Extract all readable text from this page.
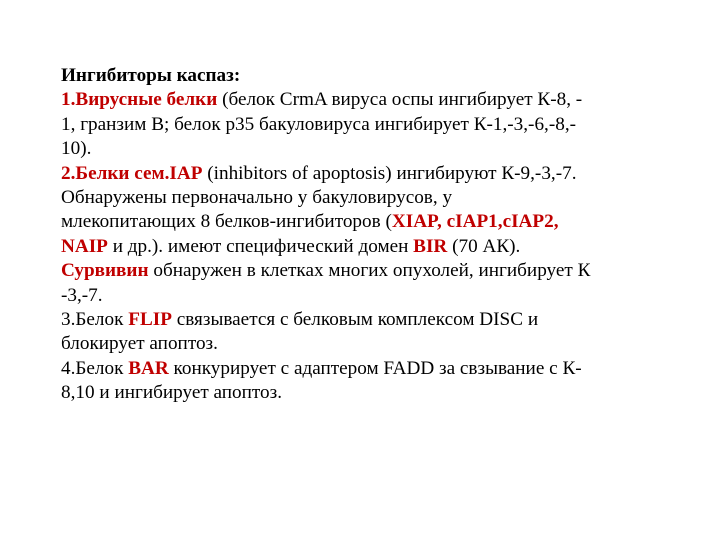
Ингибиторы каспаз:
1.Вирусные белки (белок CrmA вируса оспы ингибирует К-8, -
1, гранзим В; белок р35 бакуловируса ингибирует К-1,-3,-6,-8,-
10).
2.Белки сем.IAP (inhibitors of apoptosis) ингибируют К-9,-3,-7.
Обнаружены первоначально у бакуловирусов, у
млекопитающих 8 белков-ингибиторов (XIAP, cIAP1,cIAP2,
NAIP и др.). имеют специфический домен BIR (70 АК).
Сурвивин обнаружен в клетках многих опухолей, ингибирует К
-3,-7.
3.Белок FLIP связывается с белковым комплексом DISC и
блокирует апоптоз.
4.Белок BAR конкурирует с адаптером FADD за свзывание с К-
8,10 и ингибирует апоптоз.
